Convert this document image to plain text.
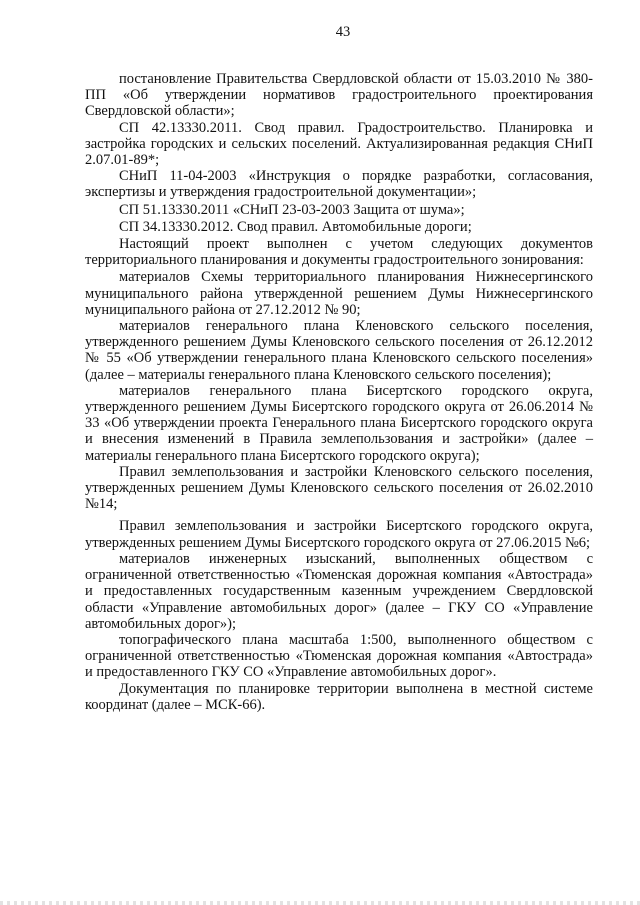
43

постановление Правительства Свердловской области от 15.03.2010 № 380-ПП «Об утверждении нормативов градостроительного проектирования Свердловской области»;

СП 42.13330.2011. Свод правил. Градостроительство. Планировка и застройка городских и сельских поселений. Актуализированная редакция СНиП 2.07.01-89*;

СНиП 11-04-2003 «Инструкция о порядке разработки, согласования, экспертизы и утверждения градостроительной документации»;

СП 51.13330.2011 «СНиП 23-03-2003 Защита от шума»;

СП 34.13330.2012. Свод правил. Автомобильные дороги;

Настоящий проект выполнен с учетом следующих документов территориального планирования и документы градостроительного зонирования:

материалов Схемы территориального планирования Нижнесергинского муниципального района утвержденной решением Думы Нижнесергинского муниципального района от 27.12.2012 № 90;

материалов генерального плана Кленовского сельского поселения, утвержденного решением Думы Кленовского сельского поселения от 26.12.2012 № 55 «Об утверждении генерального плана Кленовского сельского поселения» (далее – материалы генерального плана Кленовского сельского поселения);

материалов генерального плана Бисертского городского округа, утвержденного решением Думы Бисертского городского округа от 26.06.2014 № 33 «Об утверждении проекта Генерального плана Бисертского городского округа и внесения изменений в Правила землепользования и застройки» (далее – материалы генерального плана Бисертского городского округа);

Правил землепользования и застройки Кленовского сельского поселения, утвержденных решением Думы Кленовского сельского поселения от 26.02.2010 №14;

Правил землепользования и застройки Бисертского городского округа, утвержденных решением Думы Бисертского городского округа от 27.06.2015 №6;

материалов инженерных изысканий, выполненных обществом с ограниченной ответственностью «Тюменская дорожная компания «Автострада» и предоставленных государственным казенным учреждением Свердловской области «Управление автомобильных дорог» (далее – ГКУ СО «Управление автомобильных дорог»);

топографического плана масштаба 1:500, выполненного обществом с ограниченной ответственностью «Тюменская дорожная компания «Автострада» и предоставленного ГКУ СО «Управление автомобильных дорог».

Документация по планировке территории выполнена в местной системе координат (далее – МСК-66).
